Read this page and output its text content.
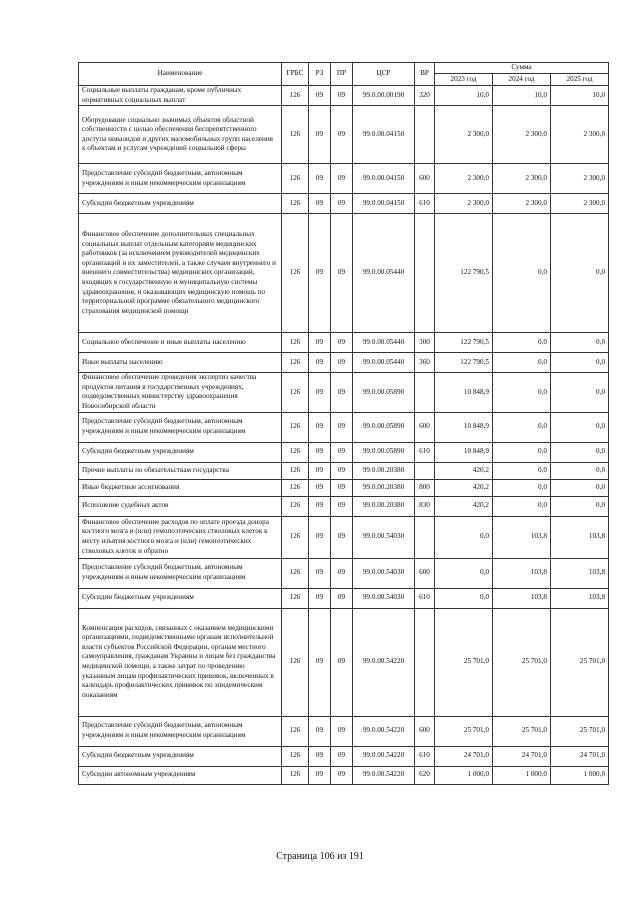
Наименование	ГРБС	РЗ	ПР	ЦСР	ВР	Сумма		
						2023 год	2024 год	2025 год
Социальные выплаты гражданам, кроме публичных нормативных социальных выплат	126	09	09	99.0.00.00190	320	10,0	10,0	10,0
Оборудование социально значимых объектов областной собственности с целью обеспечения беспрепятственного доступа инвалидов и других маломобильных групп населения к объектам и услугам учреждений социальной сферы	126	09	09	99.0.00.04150		2 300,0	2 300,0	2 300,0
Предоставление субсидий бюджетным, автономным учреждениям и иным некоммерческим организациям	126	09	09	99.0.00.04150	600	2 300,0	2 300,0	2 300,0
Субсидии бюджетным учреждениям	126	09	09	99.0.00.04150	610	2 300,0	2 300,0	2 300,0
Финансовое обеспечение дополнительных специальных социальных выплат отдельным категориям медицинских работников (за исключением руководителей медицинских организаций и их заместителей, а также случаев внутреннего и внешнего совместительства) медицинских организаций, входящих в государственную и муниципальную системы здравоохранения, и оказывающих медицинскую помощь по территориальной программе обязательного медицинского страхования медицинской помощи	126	09	09	99.0.00.05440		122 790,5	0,0	0,0
Социальное обеспечение и иные выплаты населению	126	09	09	99.0.00.05440	300	122 790,5	0,0	0,0
Иные выплаты населению	126	09	09	99.0.00.05440	360	122 790,5	0,0	0,0
Финансовое обеспечение проведения экспертиз качества продуктов питания в государственных учреждениях, подведомственных министерству здравоохранения Новосибирской области	126	09	09	99.0.00.05890		10 848,9	0,0	0,0
Предоставление субсидий бюджетным, автономным учреждениям и иным некоммерческим организациям	126	09	09	99.0.00.05890	600	10 848,9	0,0	0,0
Субсидии бюджетным учреждениям	126	09	09	99.0.00.05890	610	10 848,9	0,0	0,0
Прочие выплаты по обязательствам государства	126	09	09	99.0.00.20380		420,2	0,0	0,0
Иные бюджетные ассигнования	126	09	09	99.0.00.20380	800	420,2	0,0	0,0
Исполнение судебных актов	126	09	09	99.0.00.20380	830	420,2	0,0	0,0
Финансовое обеспечение расходов по оплате проезда донора костного мозга и (или) гемопоэтических стволовых клеток к месту изъятия костного мозга и (или) гемопоэтических стволовых клеток и обратно	126	09	09	99.0.00.54030		0,0	103,8	103,8
Предоставление субсидий бюджетным, автономным учреждениям и иным некоммерческим организациям	126	09	09	99.0.00.54030	600	0,0	103,8	103,8
Субсидии бюджетным учреждениям	126	09	09	99.0.00.54030	610	0,0	103,8	103,8
Компенсация расходов, связанных с оказанием медицинскими организациями, подведомственными органам исполнительной власти субъектов Российской Федерации, органам местного самоуправления, гражданам Украины и лицам без гражданства медицинской помощи, а также затрат по проведению указанным лицам профилактических прививок, включенных в календарь профилактических прививок по эпидемическим показаниям	126	09	09	99.0.00.54220		25 701,0	25 701,0	25 701,0
Предоставление субсидий бюджетным, автономным учреждениям и иным некоммерческим организациям	126	09	09	99.0.00.54220	600	25 701,0	25 701,0	25 701,0
Субсидии бюджетным учреждениям	126	09	09	99.0.00.54220	610	24 701,0	24 701,0	24 701,0
Субсидии автономным учреждениям	126	09	09	99.0.00.54220	620	1 000,0	1 000,0	1 000,0
Страница 106 из 191
